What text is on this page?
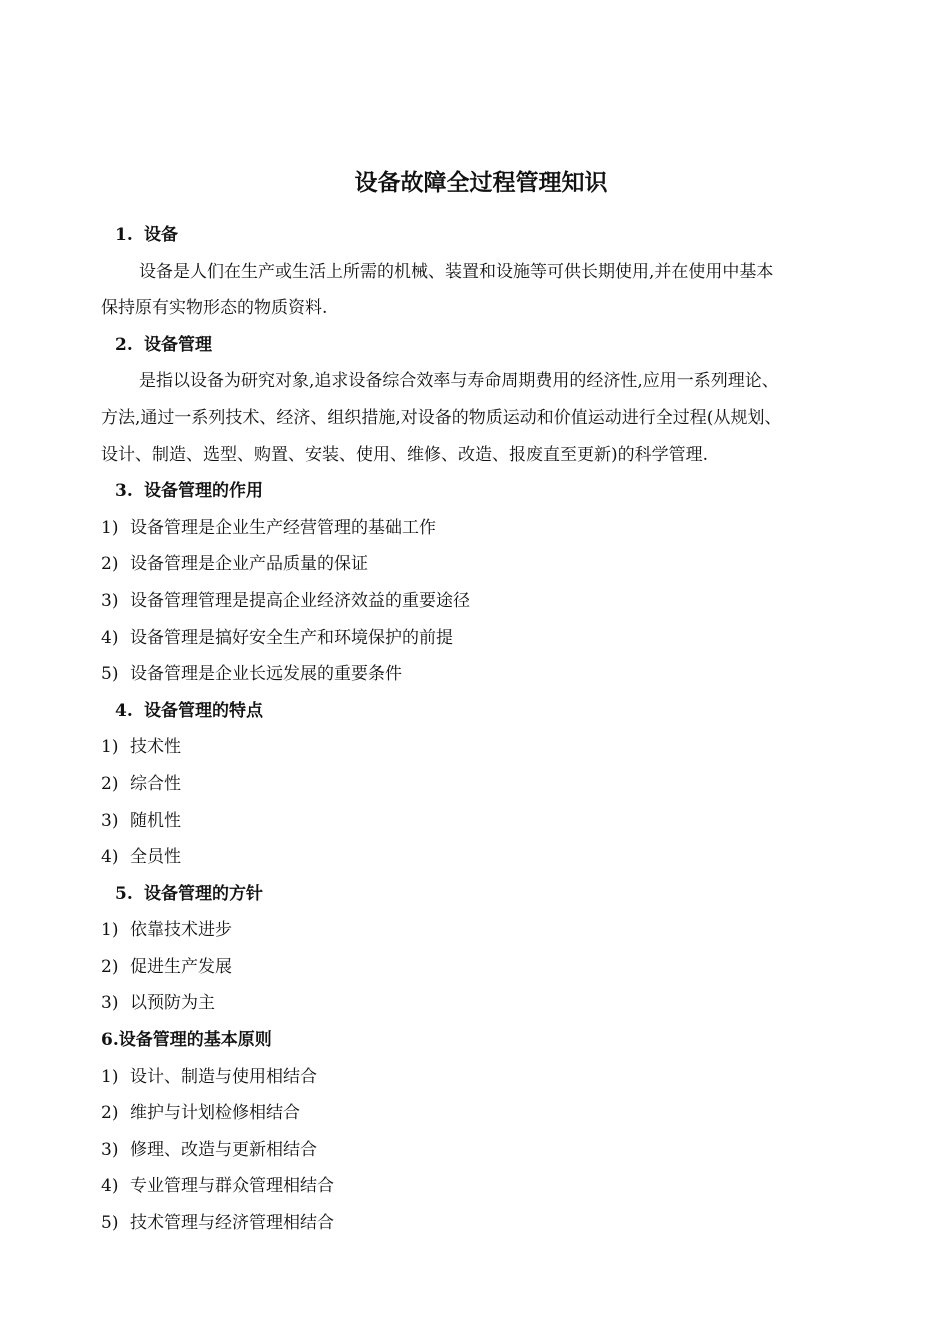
设备故障全过程管理知识
1. 设备
设备是人们在生产或生活上所需的机械、装置和设施等可供长期使用,并在使用中基本
保持原有实物形态的物质资料.
2. 设备管理
是指以设备为研究对象,追求设备综合效率与寿命周期费用的经济性,应用一系列理论、
方法,通过一系列技术、经济、组织措施,对设备的物质运动和价值运动进行全过程(从规划、
设计、制造、选型、购置、安装、使用、维修、改造、报废直至更新)的科学管理.
3. 设备管理的作用
1) 设备管理是企业生产经营管理的基础工作
2) 设备管理是企业产品质量的保证
3) 设备管理管理是提高企业经济效益的重要途径
4) 设备管理是搞好安全生产和环境保护的前提
5) 设备管理是企业长远发展的重要条件
4. 设备管理的特点
1) 技术性
2) 综合性
3) 随机性
4) 全员性
5. 设备管理的方针
1) 依靠技术进步
2) 促进生产发展
3) 以预防为主
6.设备管理的基本原则
1) 设计、制造与使用相结合
2) 维护与计划检修相结合
3) 修理、改造与更新相结合
4) 专业管理与群众管理相结合
5) 技术管理与经济管理相结合
